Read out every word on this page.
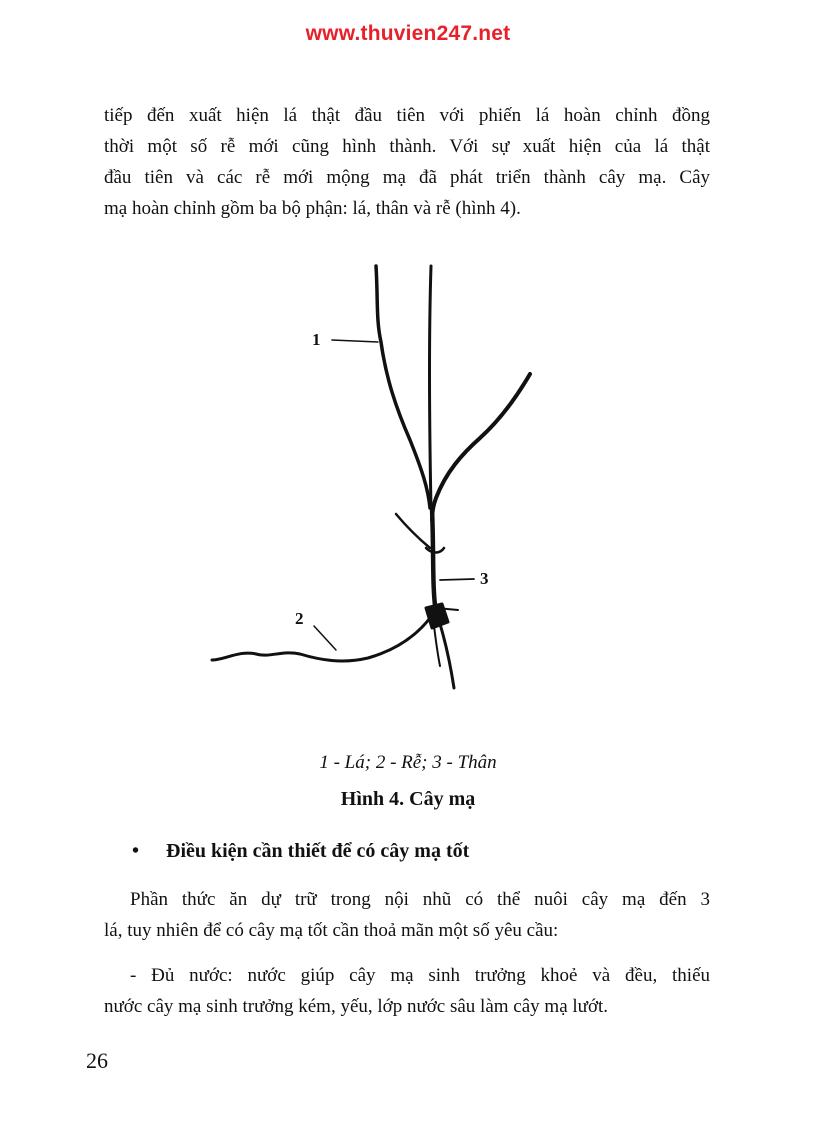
www.thuvien247.net
tiếp đến xuất hiện lá thật đầu tiên với phiến lá hoàn chỉnh đồng
thời một số rễ mới cũng hình thành. Với sự xuất hiện của lá thật
đầu tiên và các rễ mới mộng mạ đã phát triển thành cây mạ. Cây
mạ hoàn chỉnh gồm ba bộ phận: lá, thân và rễ (hình 4).
1
3
2
1 - Lá; 2 - Rễ; 3 - Thân
Hình 4. Cây mạ
• Điều kiện cần thiết để có cây mạ tốt
Phần thức ăn dự trữ trong nội nhũ có thể nuôi cây mạ đến 3
lá, tuy nhiên để có cây mạ tốt cần thoả mãn một số yêu cầu:
- Đủ nước: nước giúp cây mạ sinh trưởng khoẻ và đều, thiếu
nước cây mạ sinh trưởng kém, yếu, lớp nước sâu làm cây mạ lướt.
26
